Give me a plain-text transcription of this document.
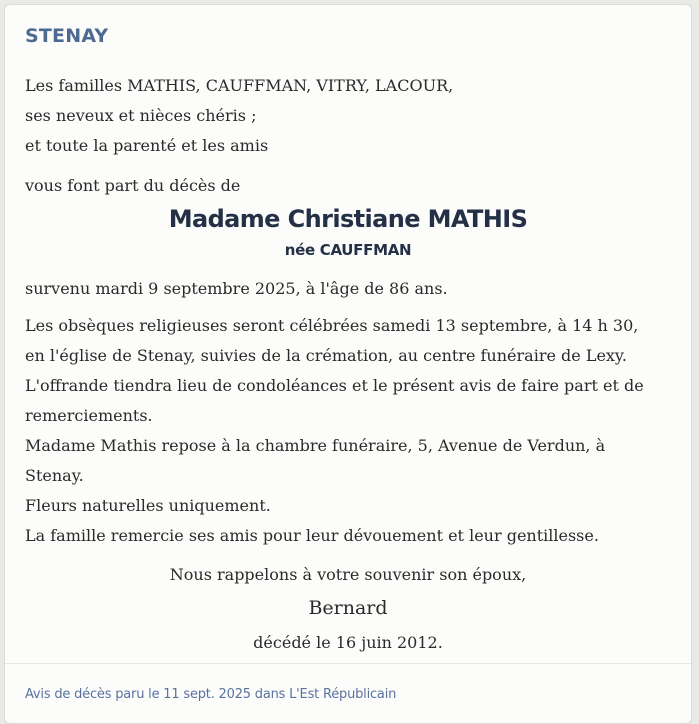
STENAY
Les familles MATHIS, CAUFFMAN, VITRY, LACOUR,
ses neveux et nièces chéris ;
et toute la parenté et les amis
vous font part du décès de
Madame Christiane MATHIS
née CAUFFMAN
survenu mardi 9 septembre 2025, à l'âge de 86 ans.
Les obsèques religieuses seront célébrées samedi 13 septembre, à 14 h 30,
en l'église de Stenay, suivies de la crémation, au centre funéraire de Lexy.
L'offrande tiendra lieu de condoléances et le présent avis de faire part et de
remerciements.
Madame Mathis repose à la chambre funéraire, 5, Avenue de Verdun, à
Stenay.
Fleurs naturelles uniquement.
La famille remercie ses amis pour leur dévouement et leur gentillesse.
Nous rappelons à votre souvenir son époux,
Bernard
décédé le 16 juin 2012.
Avis de décès paru le 11 sept. 2025 dans L'Est Républicain
